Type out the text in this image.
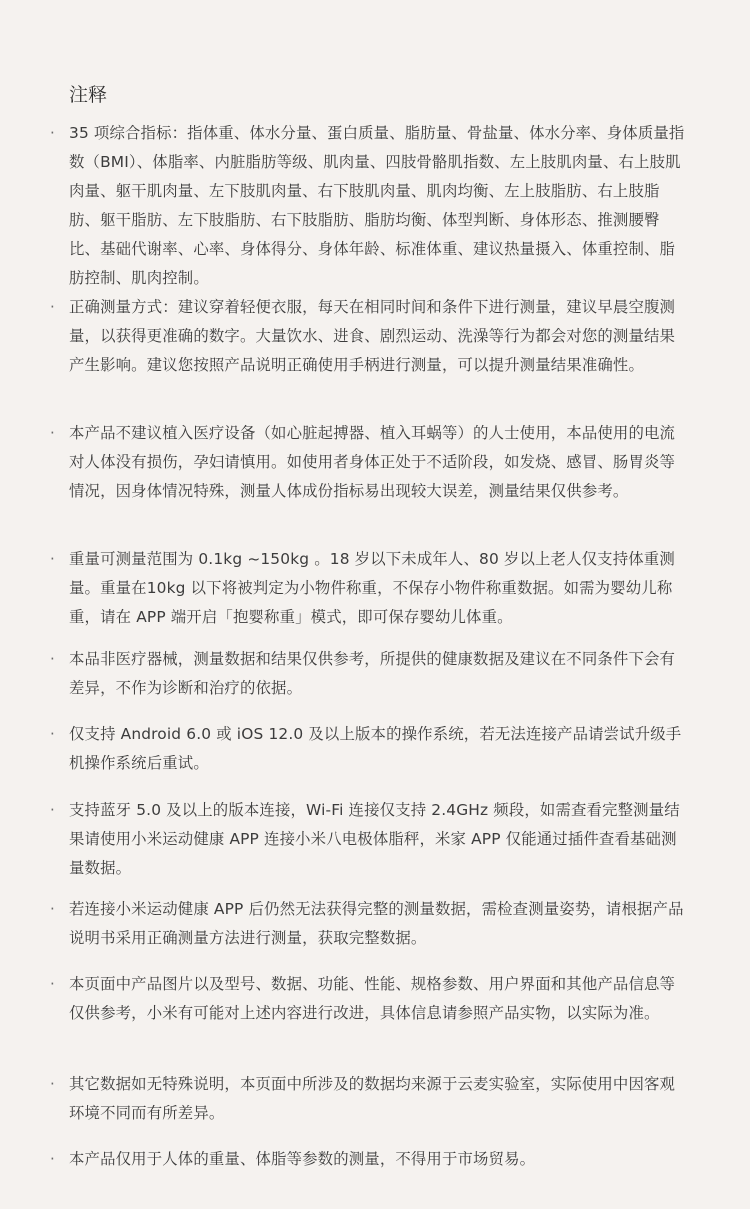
注释
· 35 项综合指标：指体重、体水分量、蛋白质量、脂肪量、骨盐量、体水分率、身体质量指数（BMI）、体脂率、内脏脂肪等级、肌肉量、四肢骨骼肌指数、左上肢肌肉量、右上肢肌肉量、躯干肌肉量、左下肢肌肉量、右下肢肌肉量、肌肉均衡、左上肢脂肪、右上肢脂肪、躯干脂肪、左下肢脂肪、右下肢脂肪、脂肪均衡、体型判断、身体形态、推测腰臀比、基础代谢率、心率、身体得分、身体年龄、标准体重、建议热量摄入、体重控制、脂肪控制、肌肉控制。
· 正确测量方式：建议穿着轻便衣服，每天在相同时间和条件下进行测量，建议早晨空腹测量，以获得更准确的数字。大量饮水、进食、剧烈运动、洗澡等行为都会对您的测量结果产生影响。建议您按照产品说明正确使用手柄进行测量，可以提升测量结果准确性。
· 本产品不建议植入医疗设备（如心脏起搏器、植入耳蜗等）的人士使用，本品使用的电流对人体没有损伤，孕妇请慎用。如使用者身体正处于不适阶段，如发烧、感冒、肠胃炎等情况，因身体情况特殊，测量人体成份指标易出现较大误差，测量结果仅供参考。
· 重量可测量范围为 0.1kg ~150kg 。18 岁以下未成年人、80 岁以上老人仅支持体重测量。重量在10kg 以下将被判定为小物件称重，不保存小物件称重数据。如需为婴幼儿称重，请在 APP 端开启「抱婴称重」模式，即可保存婴幼儿体重。
· 本品非医疗器械，测量数据和结果仅供参考，所提供的健康数据及建议在不同条件下会有差异，不作为诊断和治疗的依据。
· 仅支持 Android 6.0 或 iOS 12.0 及以上版本的操作系统，若无法连接产品请尝试升级手机操作系统后重试。
· 支持蓝牙 5.0 及以上的版本连接，Wi-Fi 连接仅支持 2.4GHz 频段，如需查看完整测量结果请使用小米运动健康 APP 连接小米八电极体脂秤，米家 APP 仅能通过插件查看基础测量数据。
· 若连接小米运动健康 APP 后仍然无法获得完整的测量数据，需检查测量姿势，请根据产品说明书采用正确测量方法进行测量，获取完整数据。
· 本页面中产品图片以及型号、数据、功能、性能、规格参数、用户界面和其他产品信息等仅供参考，小米有可能对上述内容进行改进，具体信息请参照产品实物，以实际为准。
· 其它数据如无特殊说明，本页面中所涉及的数据均来源于云麦实验室，实际使用中因客观环境不同而有所差异。
· 本产品仅用于人体的重量、体脂等参数的测量，不得用于市场贸易。
